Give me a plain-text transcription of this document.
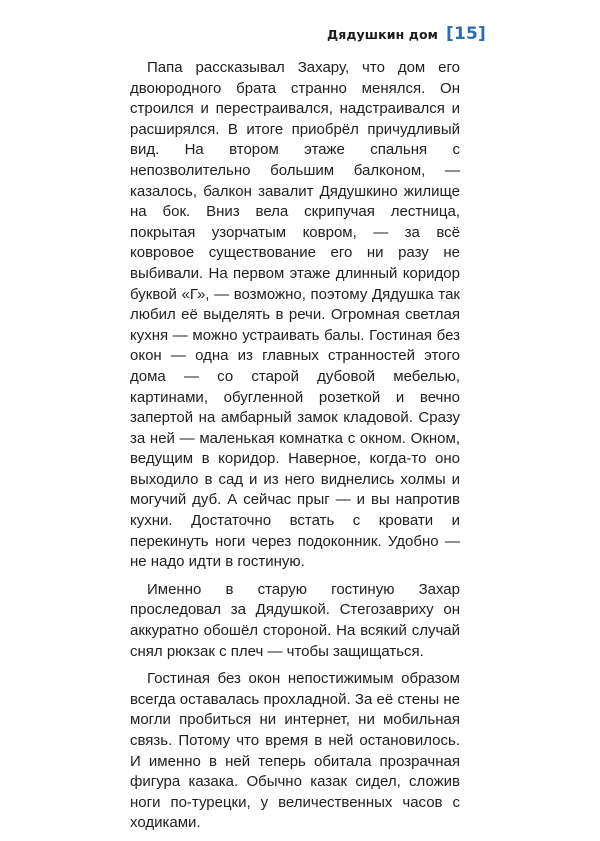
Дядушкин дом [15]

Папа рассказывал Захару, что дом его двоюродного брата странно менялся. Он строился и перестраивался, надстраивался и расширялся. В итоге приобрёл причудливый вид. На втором этаже спальня с непозволительно большим балконом, — казалось, балкон завалит Дядушкино жилище на бок. Вниз вела скрипучая лестница, покрытая узорчатым ковром, — за всё ковровое существование его ни разу не выбивали. На первом этаже длинный коридор буквой «Г», — возможно, поэтому Дядушка так любил её выделять в речи. Огромная светлая кухня — можно устраивать балы. Гостиная без окон — одна из главных странностей этого дома — со старой дубовой мебелью, картинами, обугленной розеткой и вечно запертой на амбарный замок кладовой. Сразу за ней — маленькая комнатка с окном. Окном, ведущим в коридор. Наверное, когда-то оно выходило в сад и из него виднелись холмы и могучий дуб. А сейчас прыг — и вы напротив кухни. Достаточно встать с кровати и перекинуть ноги через подоконник. Удобно — не надо идти в гостиную.

Именно в старую гостиную Захар проследовал за Дядушкой. Стегозавриху он аккуратно обошёл стороной. На всякий случай снял рюкзак с плеч — чтобы защищаться.

Гостиная без окон непостижимым образом всегда оставалась прохладной. За её стены не могли пробиться ни интернет, ни мобильная связь. Потому что время в ней остановилось. И именно в ней теперь обитала прозрачная фигура казака. Обычно казак сидел, сложив ноги по-турецки, у величественных часов с ходиками.
